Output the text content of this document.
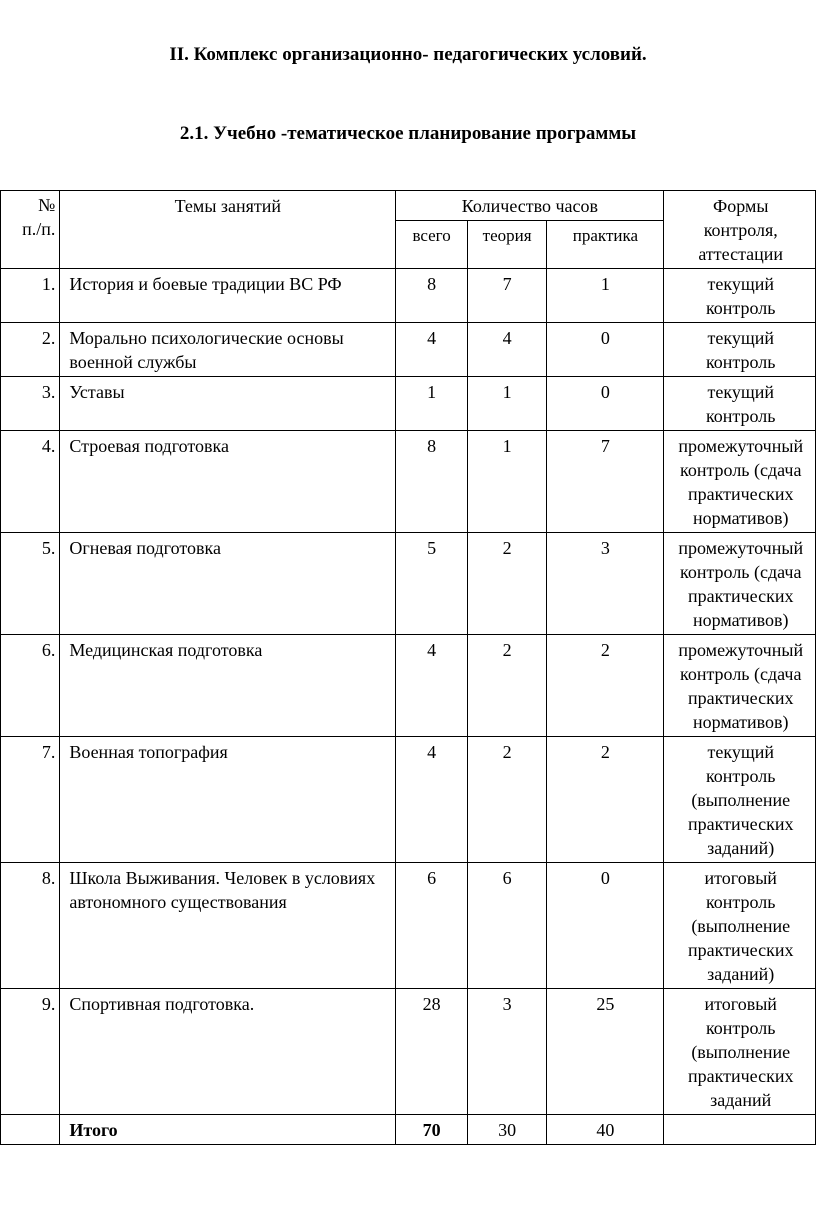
II. Комплекс организационно- педагогических условий.
2.1. Учебно -тематическое планирование программы
№
п./п.	Темы занятий	Количество часов			Формы
контроля,
аттестации
		всего	теория	практика	
1.	История и боевые традиции ВС РФ	8	7	1	текущий
контроль
2.	Морально психологические основы военной службы	4	4	0	текущий
контроль
3.	Уставы	1	1	0	текущий
контроль
4.	Строевая подготовка	8	1	7	промежуточный
контроль (сдача
практических
нормативов)
5.	Огневая подготовка	5	2	3	промежуточный
контроль (сдача
практических
нормативов)
6.	Медицинская подготовка	4	2	2	промежуточный
контроль (сдача
практических
нормативов)
7.	Военная топография	4	2	2	текущий
контроль
(выполнение
практических
заданий)
8.	Школа Выживания. Человек в условиях автономного существования	6	6	0	итоговый
контроль
(выполнение
практических
заданий)
9.	Спортивная подготовка.	28	3	25	итоговый
контроль
(выполнение
практических
заданий
	Итого	70	30	40	
